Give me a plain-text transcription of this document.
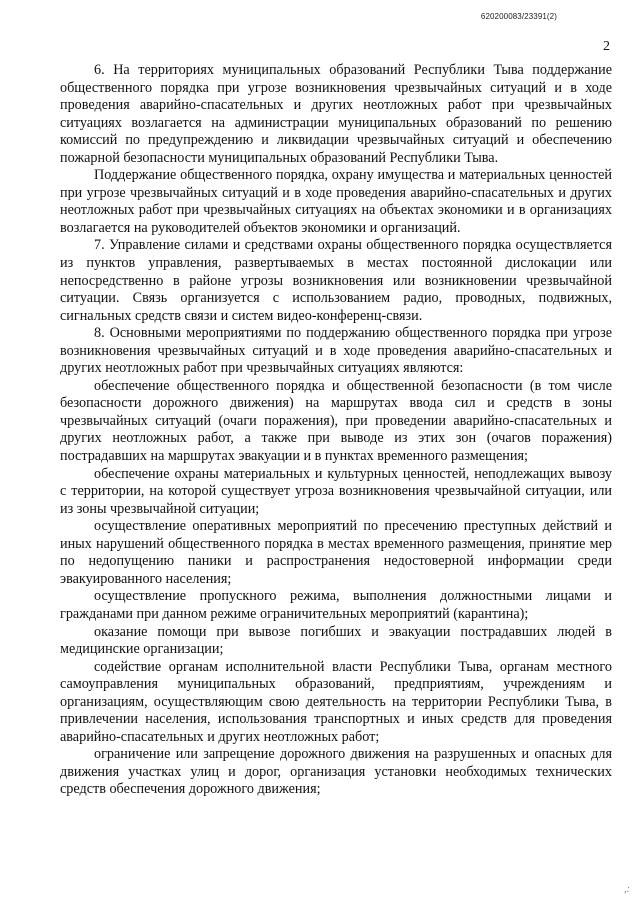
620200083/23391(2)
2

6. На территориях муниципальных образований Республики Тыва поддержание общественного порядка при угрозе возникновения чрезвычайных ситуаций и в ходе проведения аварийно-спасательных и других неотложных работ при чрезвычайных ситуациях возлагается на администрации муниципальных образований по решению комиссий по предупреждению и ликвидации чрезвычайных ситуаций и обеспечению пожарной безопасности муниципальных образований Республики Тыва.

Поддержание общественного порядка, охрану имущества и материальных ценностей при угрозе чрезвычайных ситуаций и в ходе проведения аварийно-спасательных и других неотложных работ при чрезвычайных ситуациях на объектах экономики и в организациях возлагается на руководителей объектов экономики и организаций.

7. Управление силами и средствами охраны общественного порядка осуществляется из пунктов управления, развертываемых в местах постоянной дислокации или непосредственно в районе угрозы возникновения или возникновении чрезвычайной ситуации. Связь организуется с использованием радио, проводных, подвижных, сигнальных средств связи и систем видео-конференц-связи.

8. Основными мероприятиями по поддержанию общественного порядка при угрозе возникновения чрезвычайных ситуаций и в ходе проведения аварийно-спасательных и других неотложных работ при чрезвычайных ситуациях являются:

обеспечение общественного порядка и общественной безопасности (в том числе безопасности дорожного движения) на маршрутах ввода сил и средств в зоны чрезвычайных ситуаций (очаги поражения), при проведении аварийно-спасательных и других неотложных работ, а также при выводе из этих зон (очагов поражения) пострадавших на маршрутах эвакуации и в пунктах временного размещения;

обеспечение охраны материальных и культурных ценностей, неподлежащих вывозу с территории, на которой существует угроза возникновения чрезвычайной ситуации, или из зоны чрезвычайной ситуации;

осуществление оперативных мероприятий по пресечению преступных действий и иных нарушений общественного порядка в местах временного размещения, принятие мер по недопущению паники и распространения недостоверной информации среди эвакуированного населения;

осуществление пропускного режима, выполнения должностными лицами и гражданами при данном режиме ограничительных мероприятий (карантина);

оказание помощи при вывозе погибших и эвакуации пострадавших людей в медицинские организации;

содействие органам исполнительной власти Республики Тыва, органам местного самоуправления муниципальных образований, предприятиям, учреждениям и организациям, осуществляющим свою деятельность на территории Республики Тыва, в привлечении населения, использования транспортных и иных средств для проведения аварийно-спасательных и других неотложных работ;

ограничение или запрещение дорожного движения на разрушенных и опасных для движения участках улиц и дорог, организация установки необходимых технических средств обеспечения дорожного движения;

,:
